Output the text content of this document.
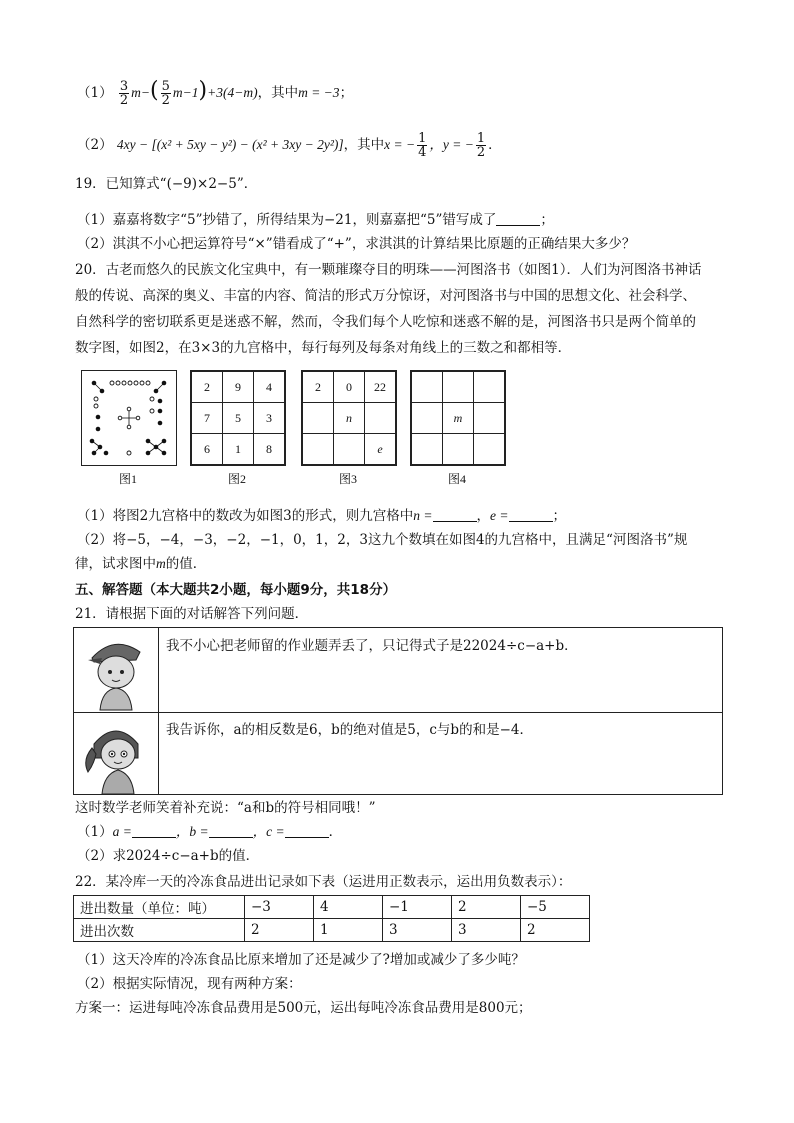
$(1) \frac{3}{2} m-( \frac{5}{2} m-1)+3(4-m)$，其中m = −3；
（2） 4xy − [(x² + 5xy − y²) − (x² + 3xy − 2y²)]，其中x = − $\frac{1}{4}$ ，y = − $\frac{1}{2}$ ．
19．已知算式“(−9)×2−5”．
（1）嘉嘉将数字“5”抄错了，所得结果为−21，则嘉嘉把“5”错写成了	；
（2）淇淇不小心把运算符号“×”错看成了“+”，求淇淇的计算结果比原题的正确结果大多少？
20．古老而悠久的民族文化宝典中，有一颗璀璨夺目的明珠——河图洛书（如图1）．人们为河图洛书神话
般的传说、高深的奥义、丰富的内容、简洁的形式万分惊讶，对河图洛书与中国的思想文化、社会科学、
自然科学的密切联系更是迷惑不解，然而，令我们每个人吃惊和迷惑不解的是，河图洛书只是两个简单的
数字图，如图2，在3×3的九宫格中，每行每列及每条对角线上的三数之和都相等．
2	9	4
7	5	3
6	1	8
2	0	22
	n	
		e

	m	

图1	图2	图3	图4
（1）将图2九宫格中的数改为如图3的形式，则九宫格中n =	，e =	；
（2）将−5，−4，−3，−2，−1，0，1，2，3这九个数填在如图4的九宫格中，且满足“河图洛书”规
律，试求图中m的值．
五、解答题（本大题共2小题，每小题9分，共18分）
21．请根据下面的对话解答下列问题．
我不小心把老师留的作业题弄丢了，只记得式子是22024÷c−a+b．
我告诉你，a的相反数是6，b的绝对值是5，c与b的和是−4．
这时数学老师笑着补充说：“a和b的符号相同哦！”
（1）a =	，b =	，c =	．
（2）求2024÷c−a+b的值．
22．某冷库一天的冷冻食品进出记录如下表（运进用正数表示，运出用负数表示）：
进出数量（单位：吨）	−3	4	−1	2	−5
进出次数	2	1	3	3	2
（1）这天冷库的冷冻食品比原来增加了还是减少了?增加或减少了多少吨？
（2）根据实际情况，现有两种方案：
方案一：运进每吨冷冻食品费用是500元，运出每吨冷冻食品费用是800元；
